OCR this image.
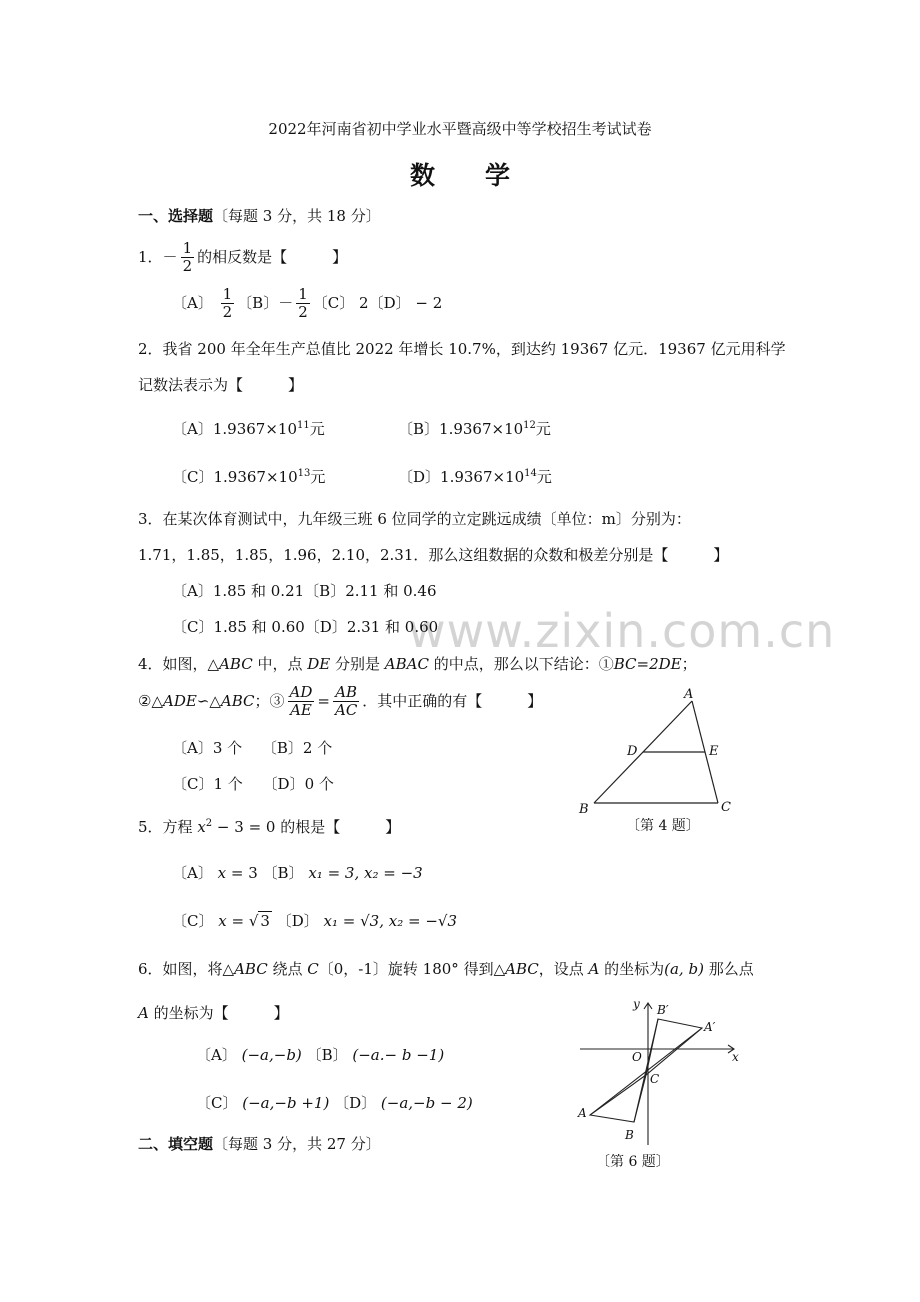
www.zixin.com.cn
2022年河南省初中学业水平暨高级中等学校招生考试试卷
数　　学
一、选择题〔每题 3 分，共 18 分〕
1．－ $\frac{1}{2}$ 的相反数是【　　　】
〔A〕 $\frac{1}{2}$ 〔B〕－ $\frac{1}{2}$ 〔C〕 2〔D〕 − 2
2．我省 200 年全年生产总值比 2022 年增长 10.7%，到达约 19367 亿元．19367 亿元用科学
记数法表示为【　　　】
〔A〕$1.9367\times 10^{11}$元	〔B〕$1.9367\times 10^{12}$元
〔C〕$1.9367\times 10^{13}$元	〔D〕$1.9367\times 10^{14}$元
3．在某次体育测试中，九年级三班 6 位同学的立定跳远成绩〔单位：m〕分别为：
1.71，1.85，1.85，1.96，2.10，2.31．那么这组数据的众数和极差分别是【　　　】
〔A〕1.85 和 0.21〔B〕2.11 和 0.46
〔C〕1.85 和 0.60〔D〕2.31 和 0.60
4．如图，△ABC 中，点 DE 分别是 ABAC 的中点，那么以下结论：①BC=2DE；
②△ADE∽△ABC；③ $\frac{AD}{AE} = \frac{AB}{AC}$ ．其中正确的有【　　　】
〔A〕3 个　 〔B〕2 个
〔C〕1 个　 〔D〕0 个
A
D	E
B	C
〔第 4 题〕
5．方程 $x^2 - 3 = 0$ 的根是【　　　】
〔A〕 x = 3 〔B〕 x₁ = 3, x₂ = −3
〔C〕 x = √ 3 〔D〕 x₁ = √3, x₂ = −√3
6．如图，将△ABC 绕点 C〔0，-1〕旋转 180° 得到△ABC，设点 A 的坐标为(a, b) 那么点
A 的坐标为【　　　】
〔A〕 (−a,−b) 〔B〕 (−a.− b −1)
〔C〕 (−a,−b +1) 〔D〕 (−a,−b − 2)
y
x
O
C
A
B
A′
B′
〔第 6 题〕
二、填空题〔每题 3 分，共 27 分〕
